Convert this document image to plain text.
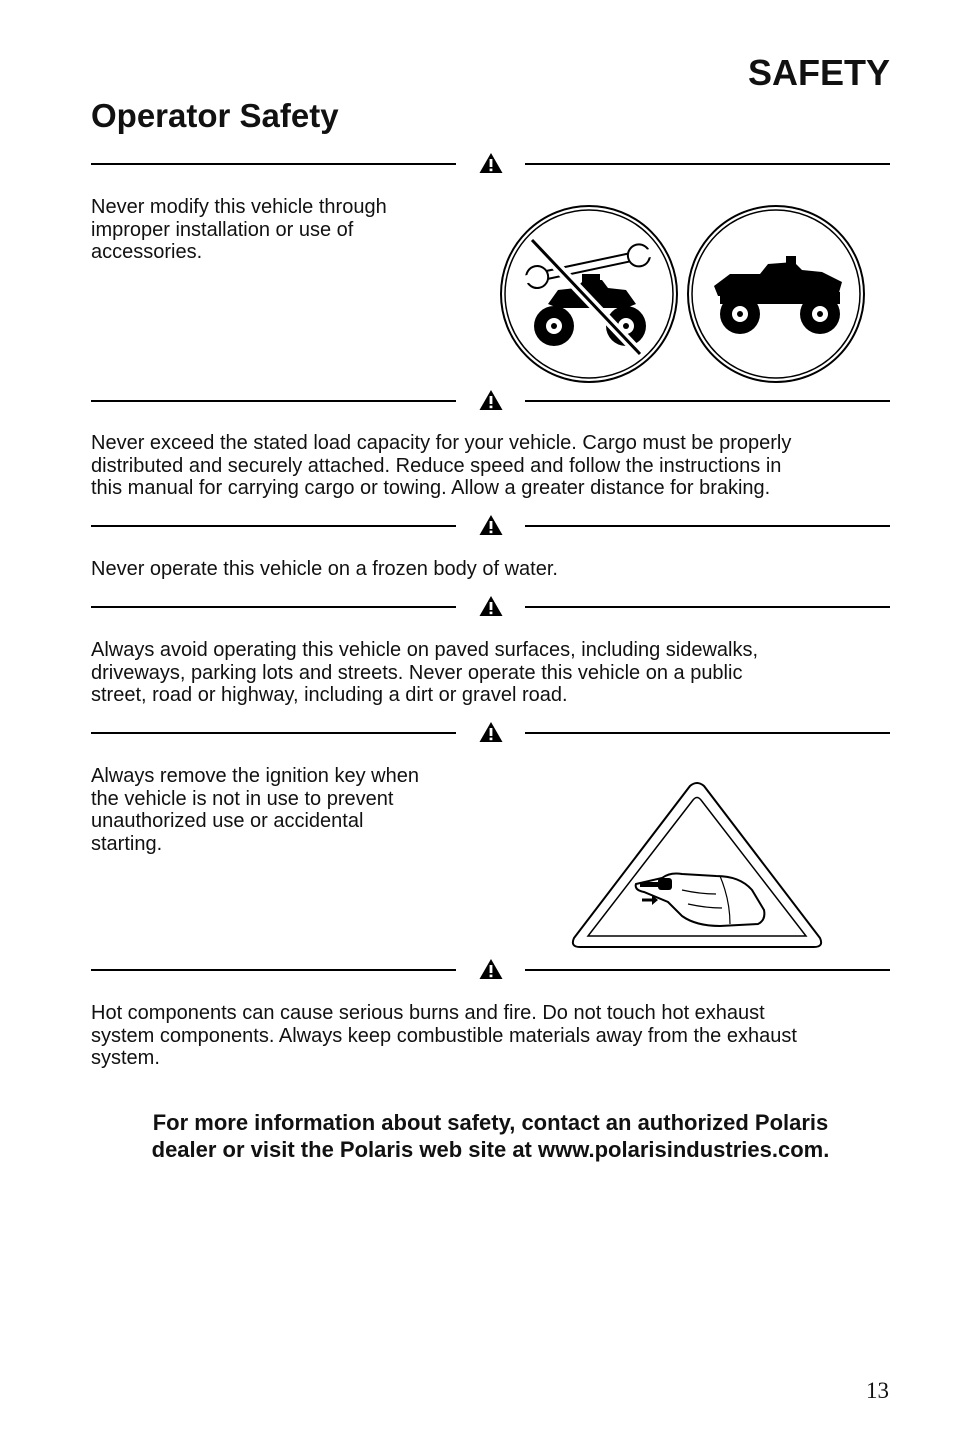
SAFETY
Operator Safety

Never modify this vehicle through
improper installation or use of
accessories.

Never exceed the stated load capacity for your vehicle. Cargo must be properly
distributed and securely attached. Reduce speed and follow the instructions in
this manual for carrying cargo or towing. Allow a greater distance for braking.

Never operate this vehicle on a frozen body of water.

Always avoid operating this vehicle on paved surfaces, including sidewalks,
driveways, parking lots and streets. Never operate this vehicle on a public
street, road or highway, including a dirt or gravel road.

Always remove the ignition key when
the vehicle is not in use to prevent
unauthorized use or accidental
starting.

Hot components can cause serious burns and fire. Do not touch hot exhaust
system components. Always keep combustible materials away from the exhaust
system.

For more information about safety, contact an authorized Polaris
dealer or visit the Polaris web site at www.polarisindustries.com.

13
